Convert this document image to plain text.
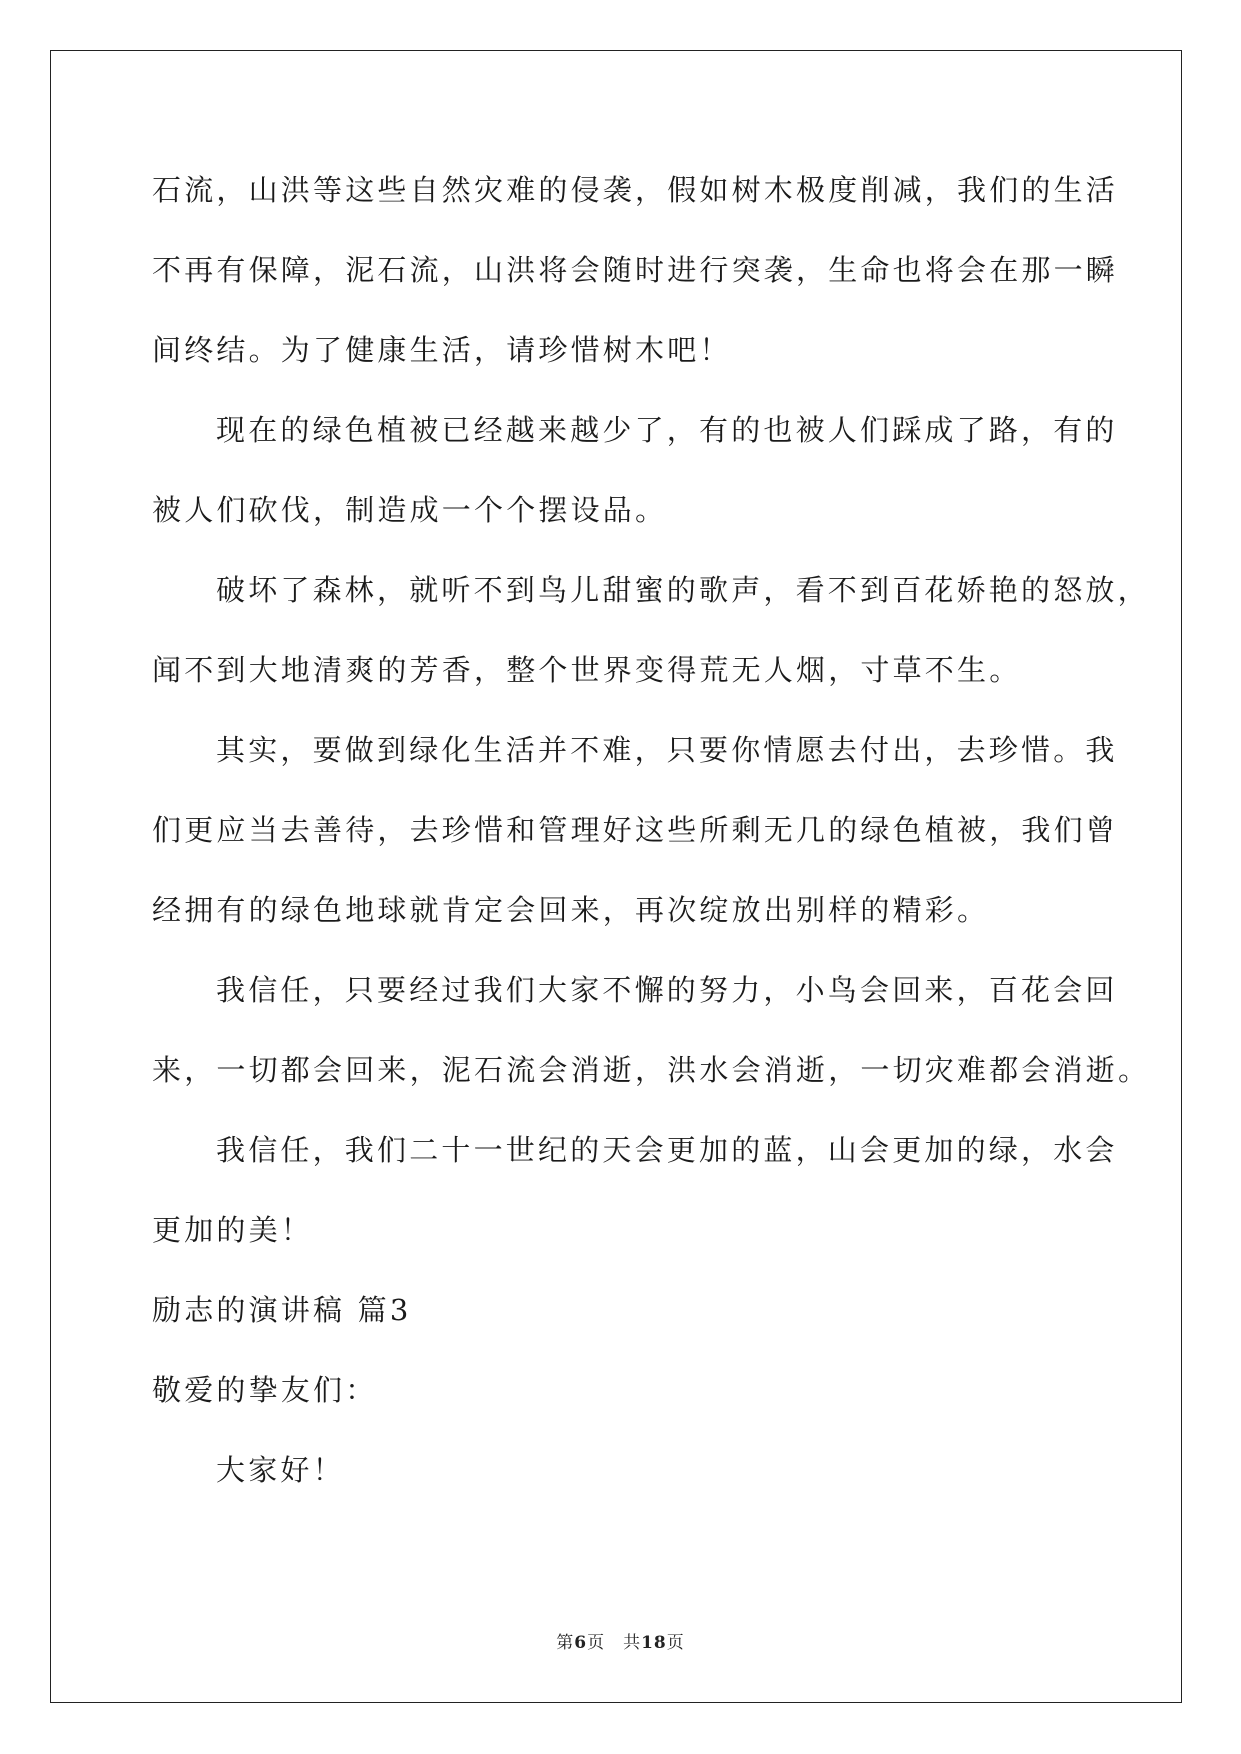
石流，山洪等这些自然灾难的侵袭，假如树木极度削减，我们的生活
不再有保障，泥石流，山洪将会随时进行突袭，生命也将会在那一瞬
间终结。为了健康生活，请珍惜树木吧！
现在的绿色植被已经越来越少了，有的也被人们踩成了路，有的
被人们砍伐，制造成一个个摆设品。
破坏了森林，就听不到鸟儿甜蜜的歌声，看不到百花娇艳的怒放，
闻不到大地清爽的芳香，整个世界变得荒无人烟，寸草不生。
其实，要做到绿化生活并不难，只要你情愿去付出，去珍惜。我
们更应当去善待，去珍惜和管理好这些所剩无几的绿色植被，我们曾
经拥有的绿色地球就肯定会回来，再次绽放出别样的精彩。
我信任，只要经过我们大家不懈的努力，小鸟会回来，百花会回
来，一切都会回来，泥石流会消逝，洪水会消逝，一切灾难都会消逝。
我信任，我们二十一世纪的天会更加的蓝，山会更加的绿，水会
更加的美！
励志的演讲稿 篇3
敬爱的挚友们：
大家好！
第6页 共18页
